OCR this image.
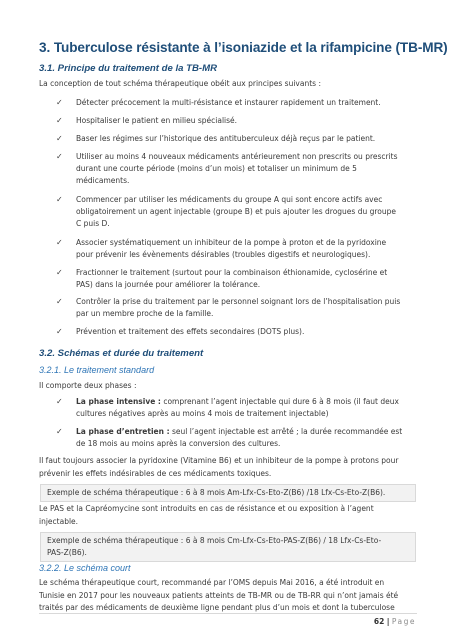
3. Tuberculose résistante à l’isoniazide et la rifampicine (TB-MR)
3.1. Principe du traitement de la TB-MR
La conception de tout schéma thérapeutique obéit aux principes suivants :
✓	Détecter précocement la multi-résistance et instaurer rapidement un traitement.
✓	Hospitaliser le patient en milieu spécialisé.
✓	Baser les régimes sur l’historique des antituberculeux déjà reçus par le patient.
✓	Utiliser au moins 4 nouveaux médicaments antérieurement non prescrits ou prescrits
durant une courte période (moins d’un mois) et totaliser un minimum de 5
médicaments.
✓	Commencer par utiliser les médicaments du groupe A qui sont encore actifs avec
obligatoirement un agent injectable (groupe B) et puis ajouter les drogues du groupe
C puis D.
✓	Associer systématiquement un inhibiteur de la pompe à proton et de la pyridoxine
pour prévenir les évènements désirables (troubles digestifs et neurologiques).
✓	Fractionner le traitement (surtout pour la combinaison éthionamide, cyclosérine et
PAS) dans la journée pour améliorer la tolérance.
✓	Contrôler la prise du traitement par le personnel soignant lors de l’hospitalisation puis
par un membre proche de la famille.
✓	Prévention et traitement des effets secondaires (DOTS plus).
3.2. Schémas et durée du traitement
3.2.1. Le traitement standard
Il comporte deux phases :
✓	La phase intensive : comprenant l’agent injectable qui dure 6 à 8 mois (il faut deux
cultures négatives après au moins 4 mois de traitement injectable)
✓	La phase d’entretien : seul l’agent injectable est arrêté ; la durée recommandée est
de 18 mois au moins après la conversion des cultures.
Il faut toujours associer la pyridoxine (Vitamine B6) et un inhibiteur de la pompe à protons pour
prévenir les effets indésirables de ces médicaments toxiques.
Exemple de schéma thérapeutique : 6 à 8 mois Am-Lfx-Cs-Eto-Z(B6) /18 Lfx-Cs-Eto-Z(B6).
Le PAS et la Capréomycine sont introduits en cas de résistance et ou exposition à l’agent
injectable.
Exemple de schéma thérapeutique : 6 à 8 mois Cm-Lfx-Cs-Eto-PAS-Z(B6) / 18 Lfx-Cs-Eto-
PAS-Z(B6).
3.2.2. Le schéma court
Le schéma thérapeutique court, recommandé par l’OMS depuis Mai 2016, a été introduit en
Tunisie en 2017 pour les nouveaux patients atteints de TB-MR ou de TB-RR qui n’ont jamais été
traités par des médicaments de deuxième ligne pendant plus d’un mois et dont la tuberculose
62 | Page
